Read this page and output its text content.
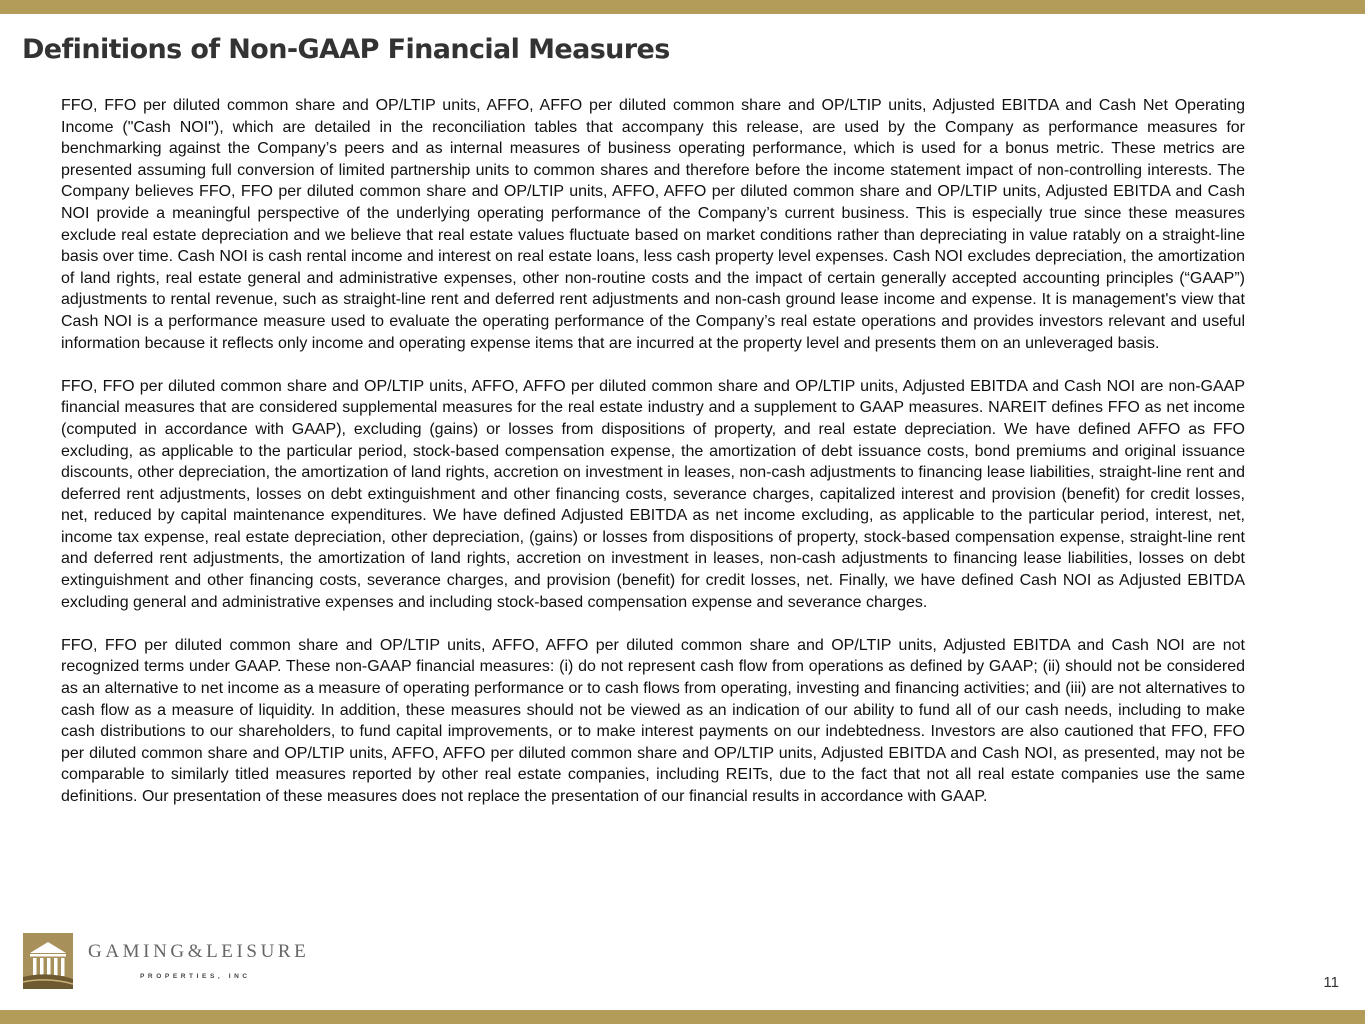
Definitions of Non-GAAP Financial Measures

FFO, FFO per diluted common share and OP/LTIP units, AFFO, AFFO per diluted common share and OP/LTIP units, Adjusted EBITDA and Cash Net Operating Income ("Cash NOI"), which are detailed in the reconciliation tables that accompany this release, are used by the Company as performance measures for benchmarking against the Company’s peers and as internal measures of business operating performance, which is used for a bonus metric. These metrics are presented assuming full conversion of limited partnership units to common shares and therefore before the income statement impact of non-controlling interests. The Company believes FFO, FFO per diluted common share and OP/LTIP units, AFFO, AFFO per diluted common share and OP/LTIP units, Adjusted EBITDA and Cash NOI provide a meaningful perspective of the underlying operating performance of the Company’s current business. This is especially true since these measures exclude real estate depreciation and we believe that real estate values fluctuate based on market conditions rather than depreciating in value ratably on a straight-line basis over time. Cash NOI is cash rental income and interest on real estate loans, less cash property level expenses. Cash NOI excludes depreciation, the amortization of land rights, real estate general and administrative expenses, other non-routine costs and the impact of certain generally accepted accounting principles (“GAAP”) adjustments to rental revenue, such as straight-line rent and deferred rent adjustments and non-cash ground lease income and expense. It is management's view that Cash NOI is a performance measure used to evaluate the operating performance of the Company’s real estate operations and provides investors relevant and useful information because it reflects only income and operating expense items that are incurred at the property level and presents them on an unleveraged basis.

FFO, FFO per diluted common share and OP/LTIP units, AFFO, AFFO per diluted common share and OP/LTIP units, Adjusted EBITDA and Cash NOI are non-GAAP financial measures that are considered supplemental measures for the real estate industry and a supplement to GAAP measures. NAREIT defines FFO as net income (computed in accordance with GAAP), excluding (gains) or losses from dispositions of property, and real estate depreciation. We have defined AFFO as FFO excluding, as applicable to the particular period, stock-based compensation expense, the amortization of debt issuance costs, bond premiums and original issuance discounts, other depreciation, the amortization of land rights, accretion on investment in leases, non-cash adjustments to financing lease liabilities, straight-line rent and deferred rent adjustments, losses on debt extinguishment and other financing costs, severance charges, capitalized interest and provision (benefit) for credit losses, net, reduced by capital maintenance expenditures. We have defined Adjusted EBITDA as net income excluding, as applicable to the particular period, interest, net, income tax expense, real estate depreciation, other depreciation, (gains) or losses from dispositions of property, stock-based compensation expense, straight-line rent and deferred rent adjustments, the amortization of land rights, accretion on investment in leases, non-cash adjustments to financing lease liabilities, losses on debt extinguishment and other financing costs, severance charges, and provision (benefit) for credit losses, net. Finally, we have defined Cash NOI as Adjusted EBITDA excluding general and administrative expenses and including stock-based compensation expense and severance charges.

FFO, FFO per diluted common share and OP/LTIP units, AFFO, AFFO per diluted common share and OP/LTIP units, Adjusted EBITDA and Cash NOI are not recognized terms under GAAP. These non-GAAP financial measures: (i) do not represent cash flow from operations as defined by GAAP; (ii) should not be considered as an alternative to net income as a measure of operating performance or to cash flows from operating, investing and financing activities; and (iii) are not alternatives to cash flow as a measure of liquidity. In addition, these measures should not be viewed as an indication of our ability to fund all of our cash needs, including to make cash distributions to our shareholders, to fund capital improvements, or to make interest payments on our indebtedness. Investors are also cautioned that FFO, FFO per diluted common share and OP/LTIP units, AFFO, AFFO per diluted common share and OP/LTIP units, Adjusted EBITDA and Cash NOI, as presented, may not be comparable to similarly titled measures reported by other real estate companies, including REITs, due to the fact that not all real estate companies use the same definitions. Our presentation of these measures does not replace the presentation of our financial results in accordance with GAAP.

GAMING&LEISURE
PROPERTIES, INC	11
